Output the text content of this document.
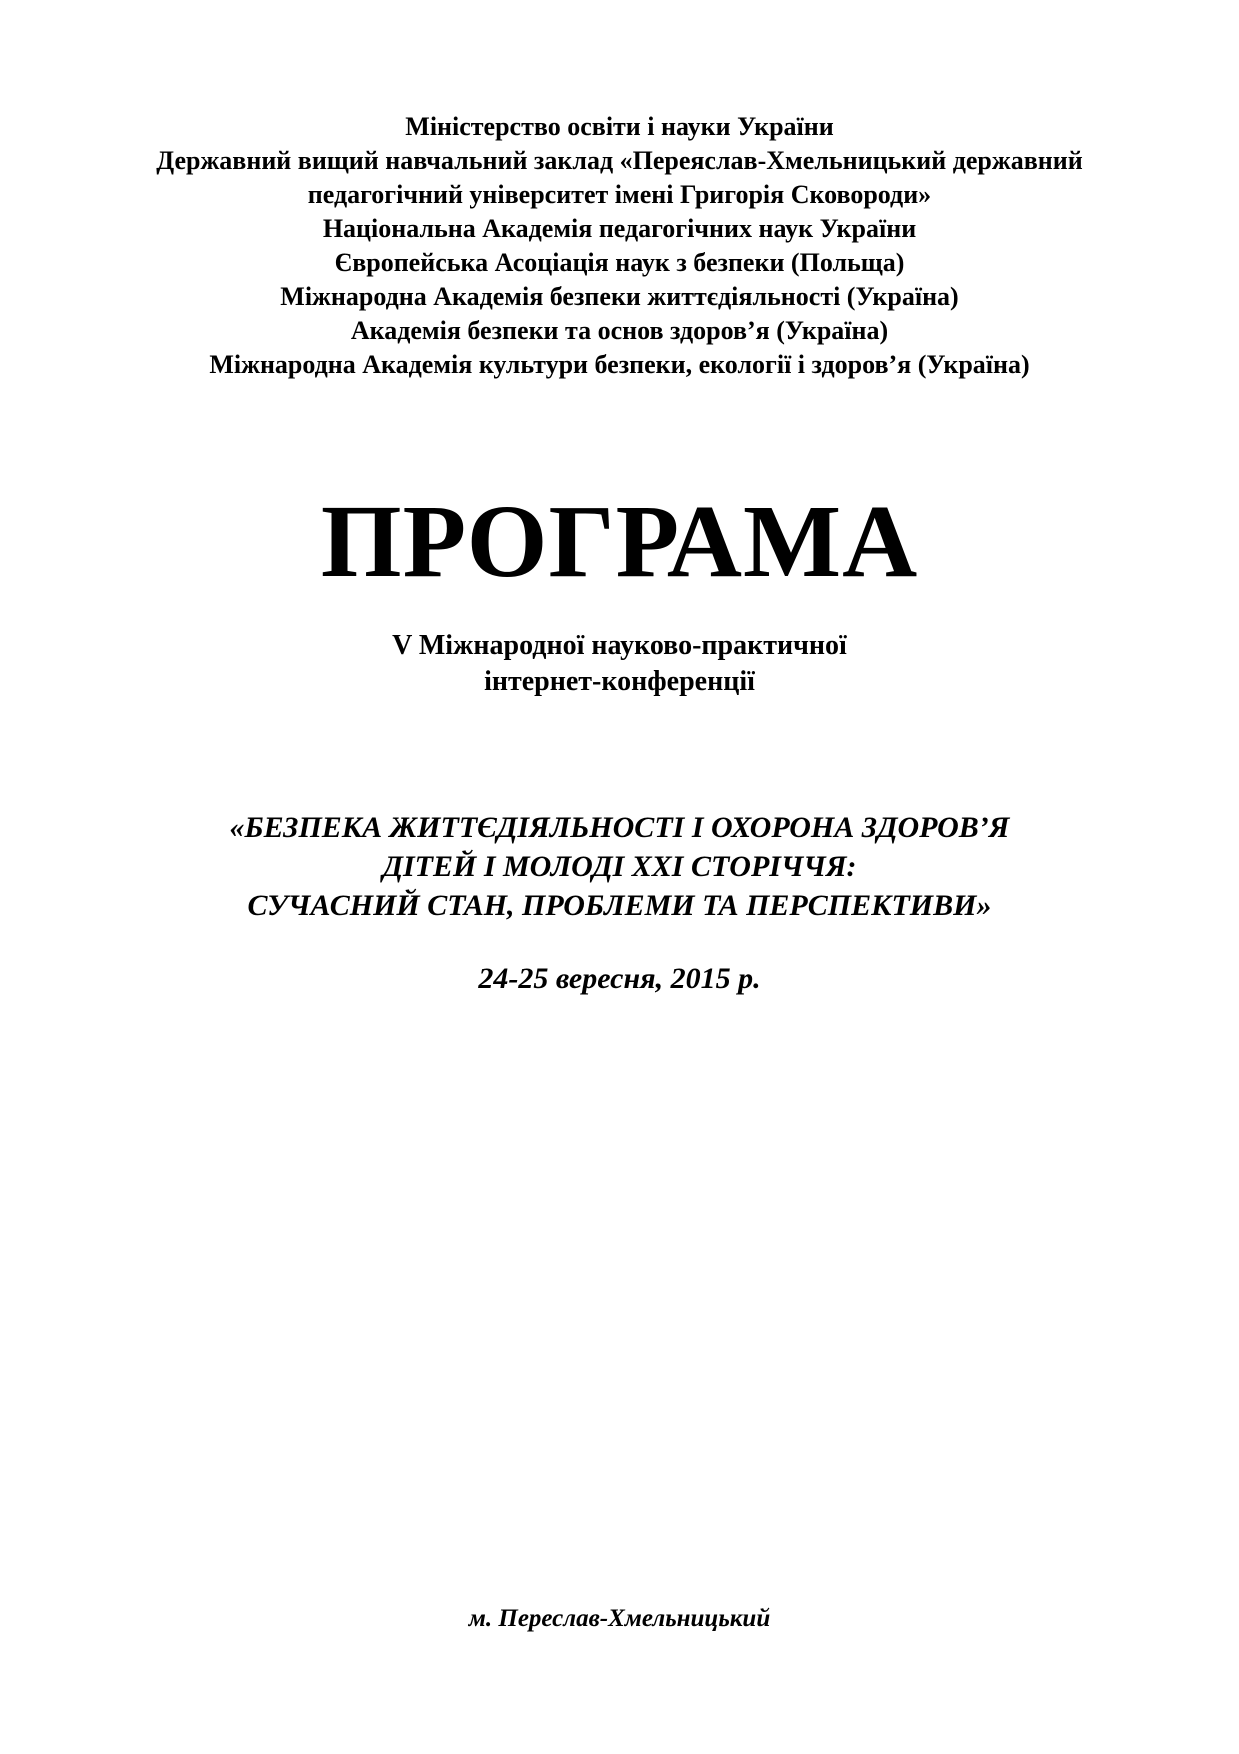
Міністерство освіти і науки України
Державний вищий навчальний заклад «Переяслав-Хмельницький державний
педагогічний університет імені Григорія Сковороди»
Національна Академія педагогічних наук України
Європейська Асоціація наук з безпеки (Польща)
Міжнародна Академія безпеки життєдіяльності (Україна)
Академія безпеки та основ здоров’я (Україна)
Міжнародна Академія культури безпеки, екології і здоров’я (Україна)
ПРОГРАМА
V Міжнародної науково-практичної
інтернет-конференції
«БЕЗПЕКА ЖИТТЄДІЯЛЬНОСТІ І ОХОРОНА ЗДОРОВ’Я
ДІТЕЙ І МОЛОДІ XXI СТОРІЧЧЯ:
СУЧАСНИЙ СТАН, ПРОБЛЕМИ ТА ПЕРСПЕКТИВИ»
24-25 вересня, 2015 р.
м. Переслав-Хмельницький
